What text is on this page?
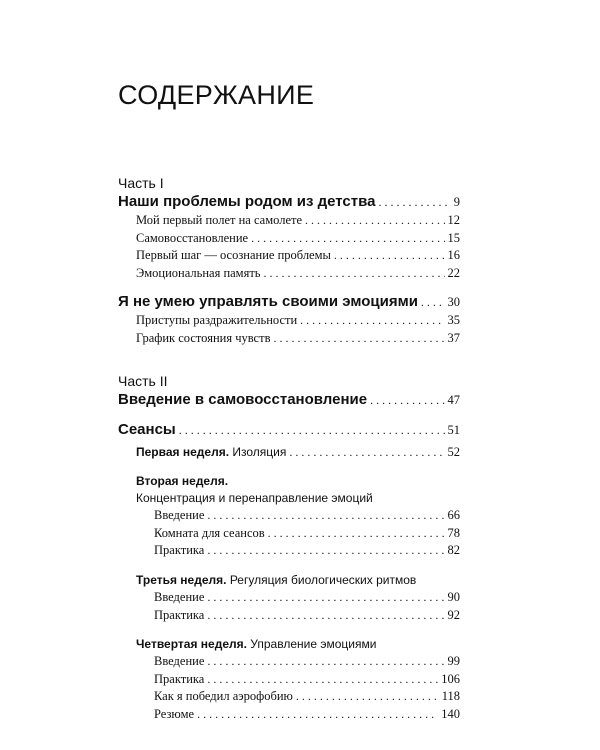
СОДЕРЖАНИЕ
Часть I
Наши проблемы родом из детства . . .	9
Мой первый полет на самолете . . .	12
Самовосстановление . . .	15
Первый шаг — осознание проблемы . . .	16
Эмоциональная память . . .	22
Я не умею управлять своими эмоциями . . . 30
Приступы раздражительности . . .	35
График состояния чувств . . .	37
Часть II
Введение в самовосстановление . . .	47
Сеансы . . .	51
Первая неделя. Изоляция . . .	52
Вторая неделя.
Концентрация и перенаправление эмоций
Введение . . .	66
Комната для сеансов . . .	78
Практика . . .	82
Третья неделя. Регуляция биологических ритмов
Введение . . .	90
Практика . . .	92
Четвертая неделя. Управление эмоциями
Введение . . .	99
Практика . . .	106
Как я победил аэрофобию . . .	118
Резюме . . .	140
